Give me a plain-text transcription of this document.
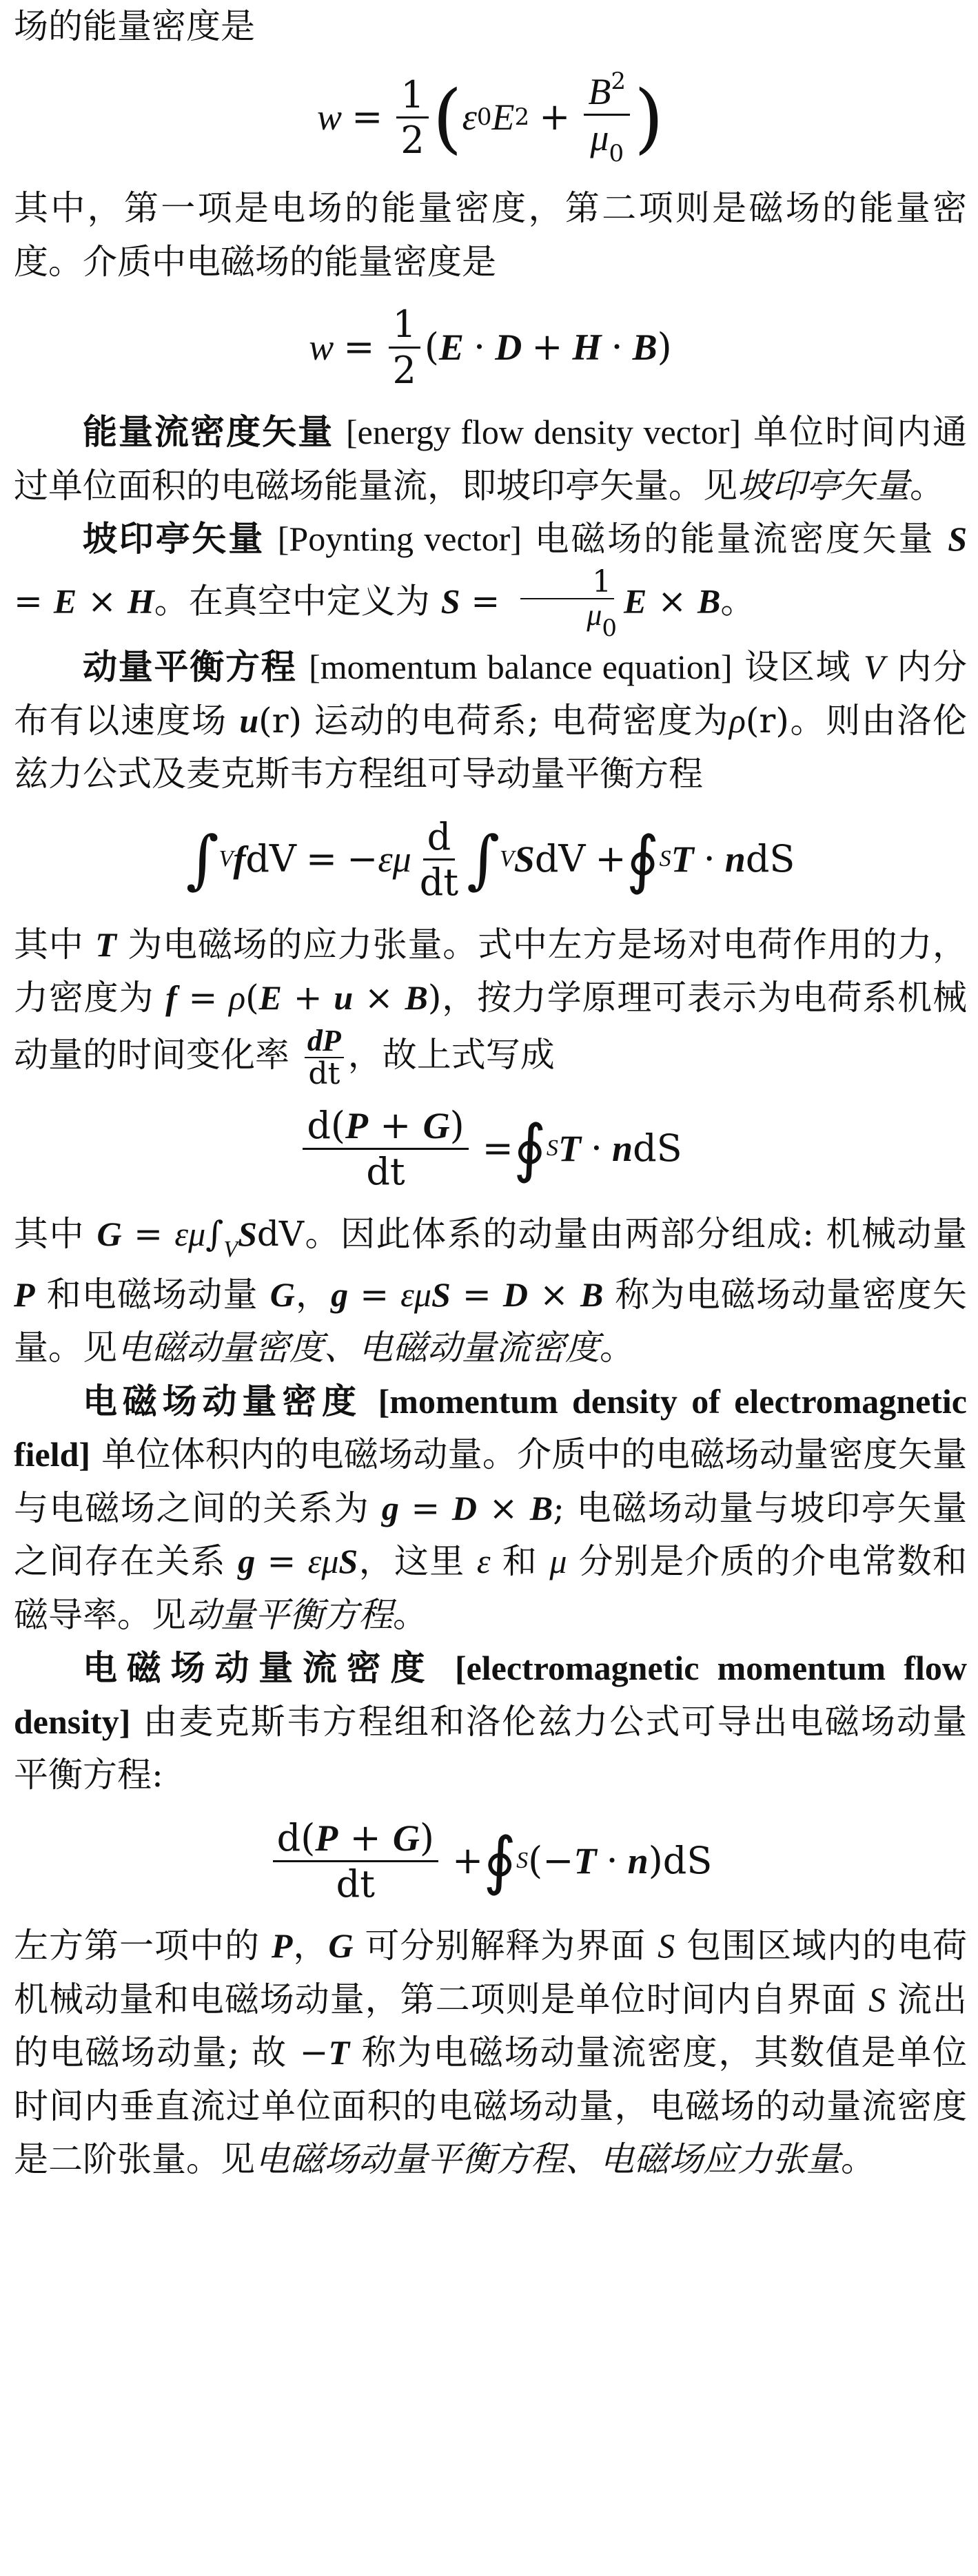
场的能量密度是

$w = \frac{1}{2}$ ( ε 0 E $2 + \frac{B^2}{\mu_0}$ )

其中，第一项是电场的能量密度，第二项则是磁场的能量密度。介质中电磁场的能量密度是

$w = \frac{1}{2}$ ( E · D + H · B )

能量流密度矢量 [energy flow density vector] 单位时间内通过单位面积的电磁场能量流，即坡印亭矢量。见坡印亭矢量。

坡印亭矢量 [Poynting vector] 电磁场的能量流密度矢量 S = E × H。在真空中定义为 $S = \frac{1}{\mu_0}$ E × B。

动量平衡方程 [momentum balance equation] 设区域 V 内分布有以速度场 u(r) 运动的电荷系; 电荷密度为ρ(r)。则由洛伦兹力公式及麦克斯韦方程组可导动量平衡方程

∫ V f dV = − ε μ $\frac{d}{dt}$ ∫ V S dV + ∮ S T · n dS

其中 T 为电磁场的应力张量。式中左方是场对电荷作用的力，力密度为 f = ρ(E + u × B)，按力学原理可表示为电荷系机械动量的时间变化率 $\frac{dP}{dt}$ ，故上式写成

$\frac{d(P + G)}{dt}$ = ∮ S T · n dS

其中 $G = \varepsilon\mu\int_VSdV$。因此体系的动量由两部分组成: 机械动量 P 和电磁场动量 G，g = εμS = D × B 称为电磁场动量密度矢量。见电磁动量密度、电磁动量流密度。

电磁场动量密度 [momentum density of electromagnetic field] 单位体积内的电磁场动量。介质中的电磁场动量密度矢量与电磁场之间的关系为 g = D × B; 电磁场动量与坡印亭矢量之间存在关系 g = εμS，这里 ε 和 μ 分别是介质的介电常数和磁导率。见动量平衡方程。

电磁场动量流密度 [electromagnetic momentum flow density] 由麦克斯韦方程组和洛伦兹力公式可导出电磁场动量平衡方程:

$\frac{d(P + G)}{dt}$ + ∮ S ( − T · n ) dS

左方第一项中的 P，G 可分别解释为界面 S 包围区域内的电荷机械动量和电磁场动量，第二项则是单位时间内自界面 S 流出的电磁场动量; 故 −T 称为电磁场动量流密度，其数值是单位时间内垂直流过单位面积的电磁场动量，电磁场的动量流密度是二阶张量。见电磁场动量平衡方程、电磁场应力张量。
